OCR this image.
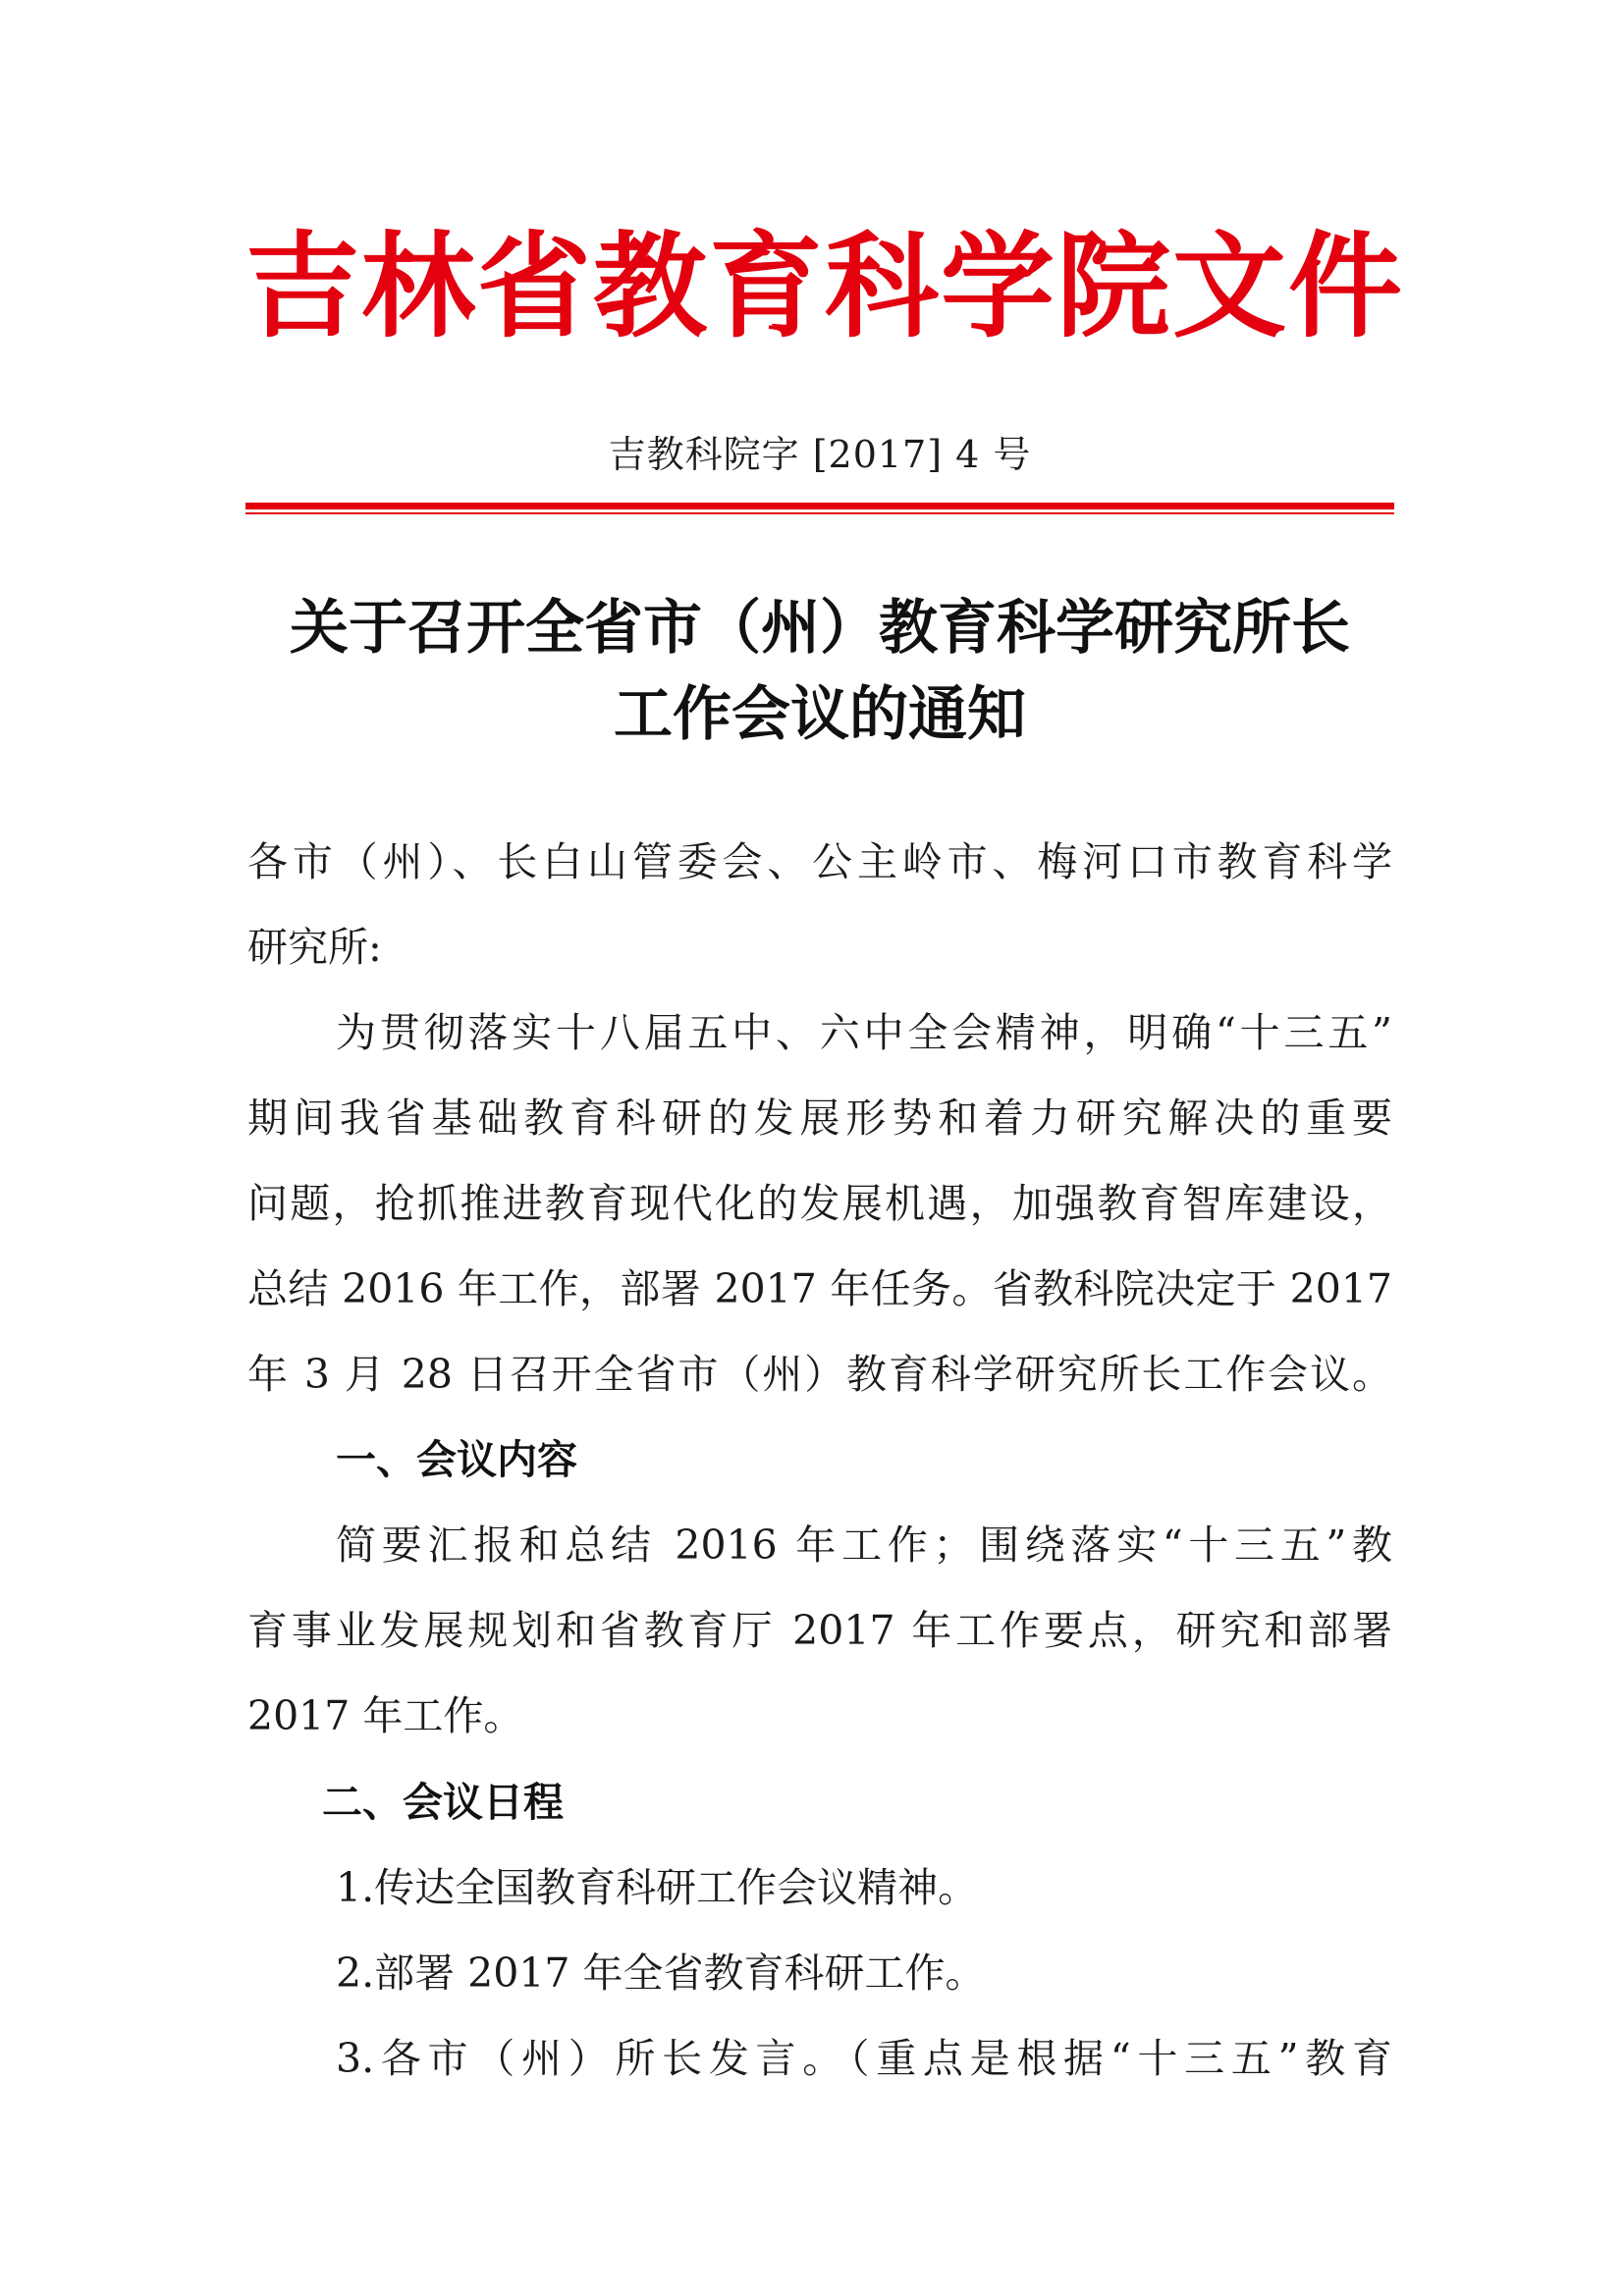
吉林省教育科学院文件
吉教科院字 [2017] 4 号
关于召开全省市（州）教育科学研究所长
工作会议的通知
各市（州）、长白山管委会、公主岭市、梅河口市教育科学
研究所:
为贯彻落实十八届五中、六中全会精神，明确“十三五”
期间我省基础教育科研的发展形势和着力研究解决的重要
问题，抢抓推进教育现代化的发展机遇，加强教育智库建设，
总结 2016 年工作，部署 2017 年任务。省教科院决定于 2017
年 3 月 28 日召开全省市（州）教育科学研究所长工作会议。
一、会议内容
简要汇报和总结 2016 年工作；围绕落实“十三五”教
育事业发展规划和省教育厅 2017 年工作要点，研究和部署
2017 年工作。
二、会议日程
1.传达全国教育科研工作会议精神。
2.部署 2017 年全省教育科研工作。
3.各市（州）所长发言。（重点是根据“十三五”教育
